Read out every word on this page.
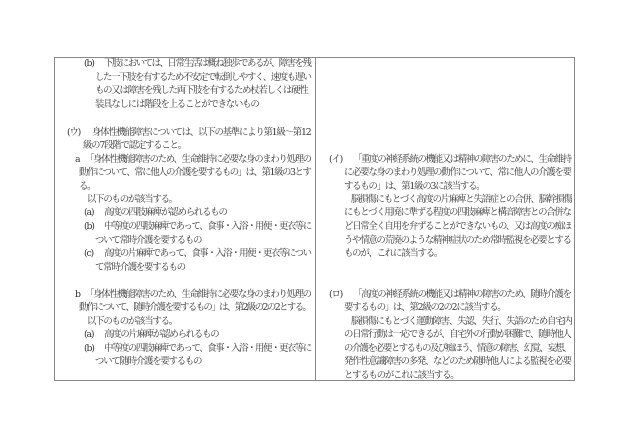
(b) 下肢においては、日常生活は概ね独歩であるが、障害を残
した一下肢を有するため不安定で転倒しやすく、速度も遅い
もの又は障害を残した両下肢を有するため杖若しくは硬性
装具なしには階段を上ることができないもの
(ウ) 身体性機能障害については、以下の基準により第1級～第12
級の7段階で認定すること。
a 「身体性機能障害のため、生命維持に必要な身のまわり処理の
動作について、常に他人の介護を要するもの」は、第1級の3とす
る。
以下のものが該当する。
(a) 高度の四肢麻痺が認められるもの
(b) 中等度の四肢麻痺であって、食事・入浴・用便・更衣等に
ついて常時介護を要するもの
(c) 高度の片麻痺であって、食事・入浴・用便・更衣等につい
て常時介護を要するもの
b 「身体性機能障害のため、生命維持に必要な身のまわり処理の
動作について、随時介護を要するもの」は、第2級の2の2とする。
以下のものが該当する。
(a) 高度の片麻痺が認められるもの
(b) 中等度の四肢麻痺であって、食事・入浴・用便・更衣等に
ついて随時介護を要するもの
(イ) 「重度の神経系統の機能又は精神の障害のために、生命維持
に必要な身のまわり処理の動作について、常に他人の介護を要
するもの」は、第1級の3に該当する。
脳損傷にもとづく高度の片麻痺と失語症との合併、脳幹損傷
にもとづく用廃に準ずる程度の四肢麻痺と構音障害との合併な
ど日常全く自用を弁ずることができないもの、又は高度の痴ほ
うや情意の荒廃のような精神症状のため常時監視を必要とする
ものが、これに該当する。
(ロ) 「高度の神経系統の機能又は精神の障害のため、随時介護を
要するもの」は、第2級の2の2に該当する。
脳損傷にもとづく運動障害、失認、失行、失語のため自宅内
の日常行動は一応できるが、自宅外の行動が困難で、随時他人
の介護を必要とするもの及び痴ほう、情意の障害、幻覚、妄想、
発作性意識障害の多発、などのため随時他人による監視を必要
とするものがこれに該当する。
